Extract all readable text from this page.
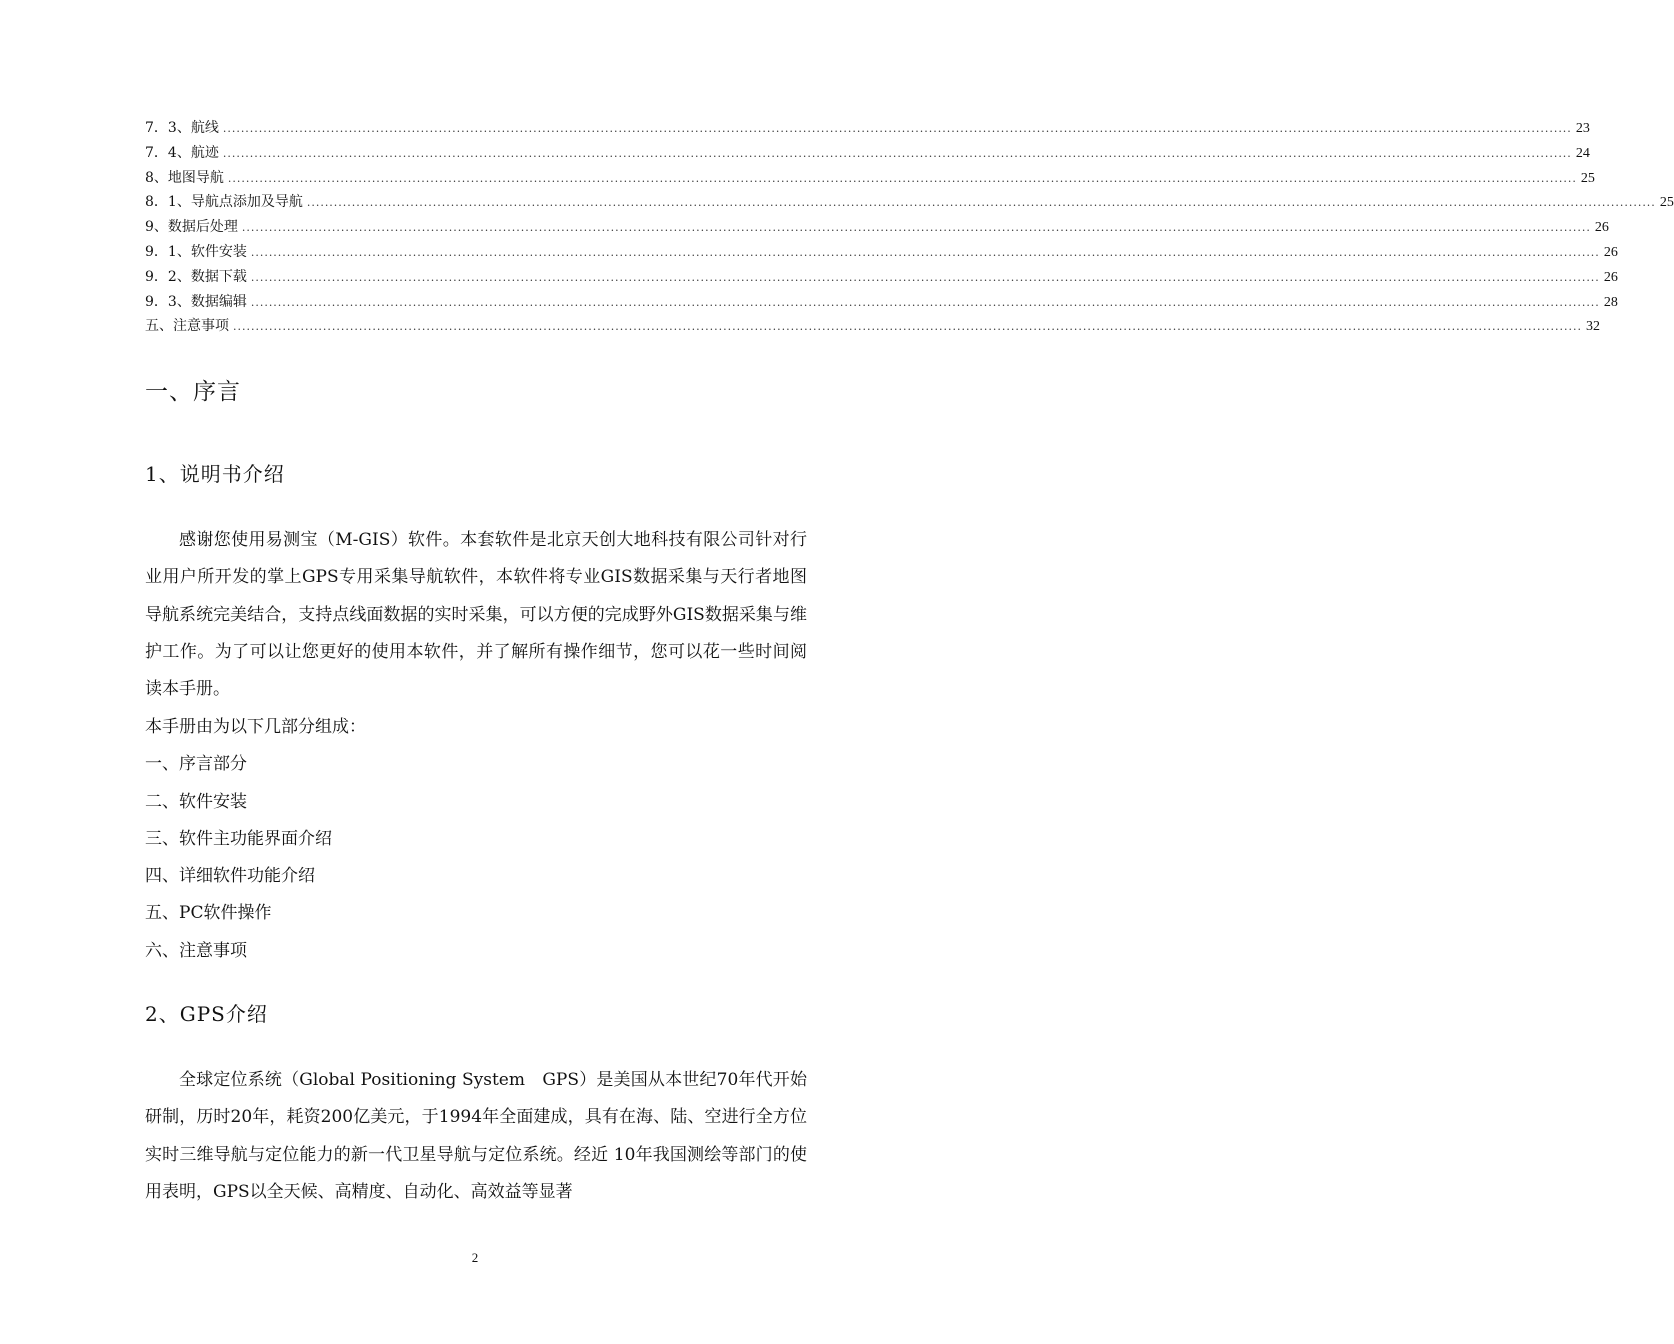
7．3、航线 ............................................................................................................................................................................................................................................................................................................ 23
7．4、航迹 ............................................................................................................................................................................................................................................................................................................ 24
8、地图导航 ............................................................................................................................................................................................................................................................................................................ 25
8．1、导航点添加及导航 ............................................................................................................................................................................................................................................................................................................ 25
9、数据后处理 ............................................................................................................................................................................................................................................................................................................ 26
9．1、软件安装 ............................................................................................................................................................................................................................................................................................................ 26
9．2、数据下载 ............................................................................................................................................................................................................................................................................................................ 26
9．3、数据编辑 ............................................................................................................................................................................................................................................................................................................ 28
五、注意事项 ............................................................................................................................................................................................................................................................................................................ 32
一、序言
1、说明书介绍
感谢您使用易测宝（M-GIS）软件。本套软件是北京天创大地科技有限公司针对行业用户所开发的掌上GPS专用采集导航软件，本软件将专业GIS数据采集与天行者地图导航系统完美结合，支持点线面数据的实时采集，可以方便的完成野外GIS数据采集与维护工作。为了可以让您更好的使用本软件，并了解所有操作细节，您可以花一些时间阅读本手册。
本手册由为以下几部分组成：
一、序言部分
二、软件安装
三、软件主功能界面介绍
四、详细软件功能介绍
五、PC软件操作
六、注意事项
2、GPS介绍
全球定位系统（Global Positioning System　GPS）是美国从本世纪70年代开始研制，历时20年，耗资200亿美元，于1994年全面建成，具有在海、陆、空进行全方位实时三维导航与定位能力的新一代卫星导航与定位系统。经近 10年我国测绘等部门的使用表明，GPS以全天候、高精度、自动化、高效益等显著
2
